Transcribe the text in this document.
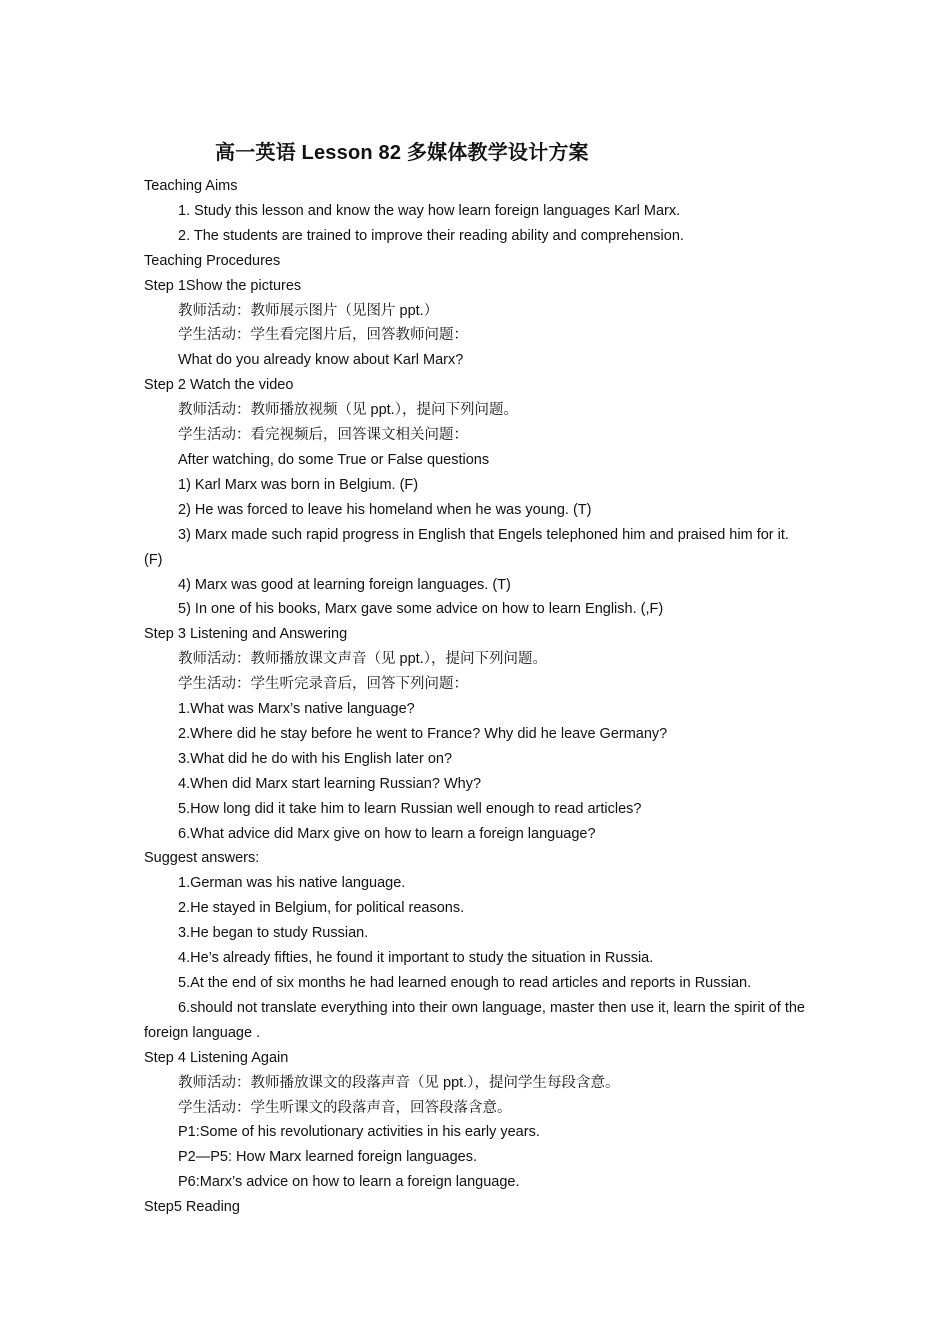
高一英语 Lesson 82 多媒体教学设计方案
Teaching Aims
1. Study this lesson and know the way how learn foreign languages Karl Marx.
2. The students are trained to improve their reading ability and comprehension.
Teaching Procedures
Step 1Show the pictures
教师活动：教师展示图片（见图片 ppt.）
学生活动：学生看完图片后，回答教师问题：
What do you already know about Karl Marx?
Step 2 Watch the video
教师活动：教师播放视频（见 ppt.），提问下列问题。
学生活动：看完视频后，回答课文相关问题：
After watching, do some True or False questions
1) Karl Marx was born in Belgium. (F)
2) He was forced to leave his homeland when he was young. (T)
3) Marx made such rapid progress in English that Engels telephoned him and praised him for it. (F)
4) Marx was good at learning foreign languages. (T)
5) In one of his books, Marx gave some advice on how to learn English. (,F)
Step 3 Listening and Answering
教师活动：教师播放课文声音（见 ppt.），提问下列问题。
学生活动：学生听完录音后，回答下列问题：
1.What was Marx’s native language?
2.Where did he stay before he went to France? Why did he leave Germany?
3.What did he do with his English later on?
4.When did Marx start learning Russian? Why?
5.How long did it take him to learn Russian well enough to read articles?
6.What advice did Marx give on how to learn a foreign language?
Suggest answers:
1.German was his native language.
2.He stayed in Belgium, for political reasons.
3.He began to study Russian.
4.He’s already fifties, he found it important to study the situation in Russia.
5.At the end of six months he had learned enough to read articles and reports in Russian.
6.should not translate everything into their own language, master then use it, learn the spirit of the foreign language .
Step 4 Listening Again
教师活动：教师播放课文的段落声音（见 ppt.），提问学生每段含意。
学生活动：学生听课文的段落声音，回答段落含意。
P1:Some of his revolutionary activities in his early years.
P2—P5: How Marx learned foreign languages.
P6:Marx’s advice on how to learn a foreign language.
Step5 Reading
